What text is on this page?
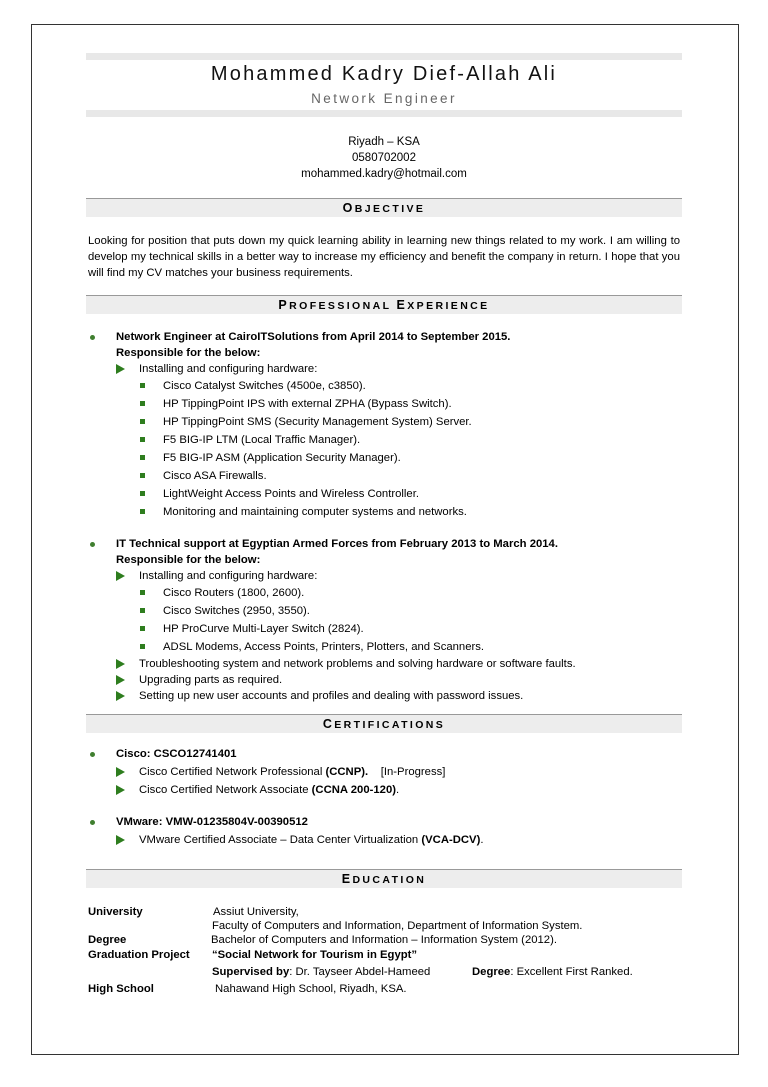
Mohammed Kadry Dief-Allah Ali
Network Engineer
Riyadh – KSA
0580702002
mohammed.kadry@hotmail.com
OBJECTIVE
Looking for position that puts down my quick learning ability in learning new things related to my work. I am willing to develop my technical skills in a better way to increase my efficiency and benefit the company in return. I hope that you will find my CV matches your business requirements.
PROFESSIONAL EXPERIENCE
Network Engineer at CairoITSolutions from April 2014 to September 2015.
Responsible for the below:
Installing and configuring hardware:
Cisco Catalyst Switches (4500e, c3850).
HP TippingPoint IPS with external ZPHA (Bypass Switch).
HP TippingPoint SMS (Security Management System) Server.
F5 BIG-IP LTM (Local Traffic Manager).
F5 BIG-IP ASM (Application Security Manager).
Cisco ASA Firewalls.
LightWeight Access Points and Wireless Controller.
Monitoring and maintaining computer systems and networks.
IT Technical support at Egyptian Armed Forces from February 2013 to March 2014.
Responsible for the below:
Installing and configuring hardware:
Cisco Routers (1800, 2600).
Cisco Switches (2950, 3550).
HP ProCurve Multi-Layer Switch (2824).
ADSL Modems, Access Points, Printers, Plotters, and Scanners.
Troubleshooting system and network problems and solving hardware or software faults.
Upgrading parts as required.
Setting up new user accounts and profiles and dealing with password issues.
CERTIFICATIONS
Cisco: CSCO12741401
Cisco Certified Network Professional (CCNP). [In-Progress]
Cisco Certified Network Associate (CCNA 200-120).
VMware: VMW-01235804V-00390512
VMware Certified Associate – Data Center Virtualization (VCA-DCV).
EDUCATION
University	Assiut University,
Faculty of Computers and Information, Department of Information System.
Degree	Bachelor of Computers and Information – Information System (2012).
Graduation Project “Social Network for Tourism in Egypt”
Supervised by: Dr. Tayseer Abdel-Hameed	Degree: Excellent First Ranked.
High School	Nahawand High School, Riyadh, KSA.
